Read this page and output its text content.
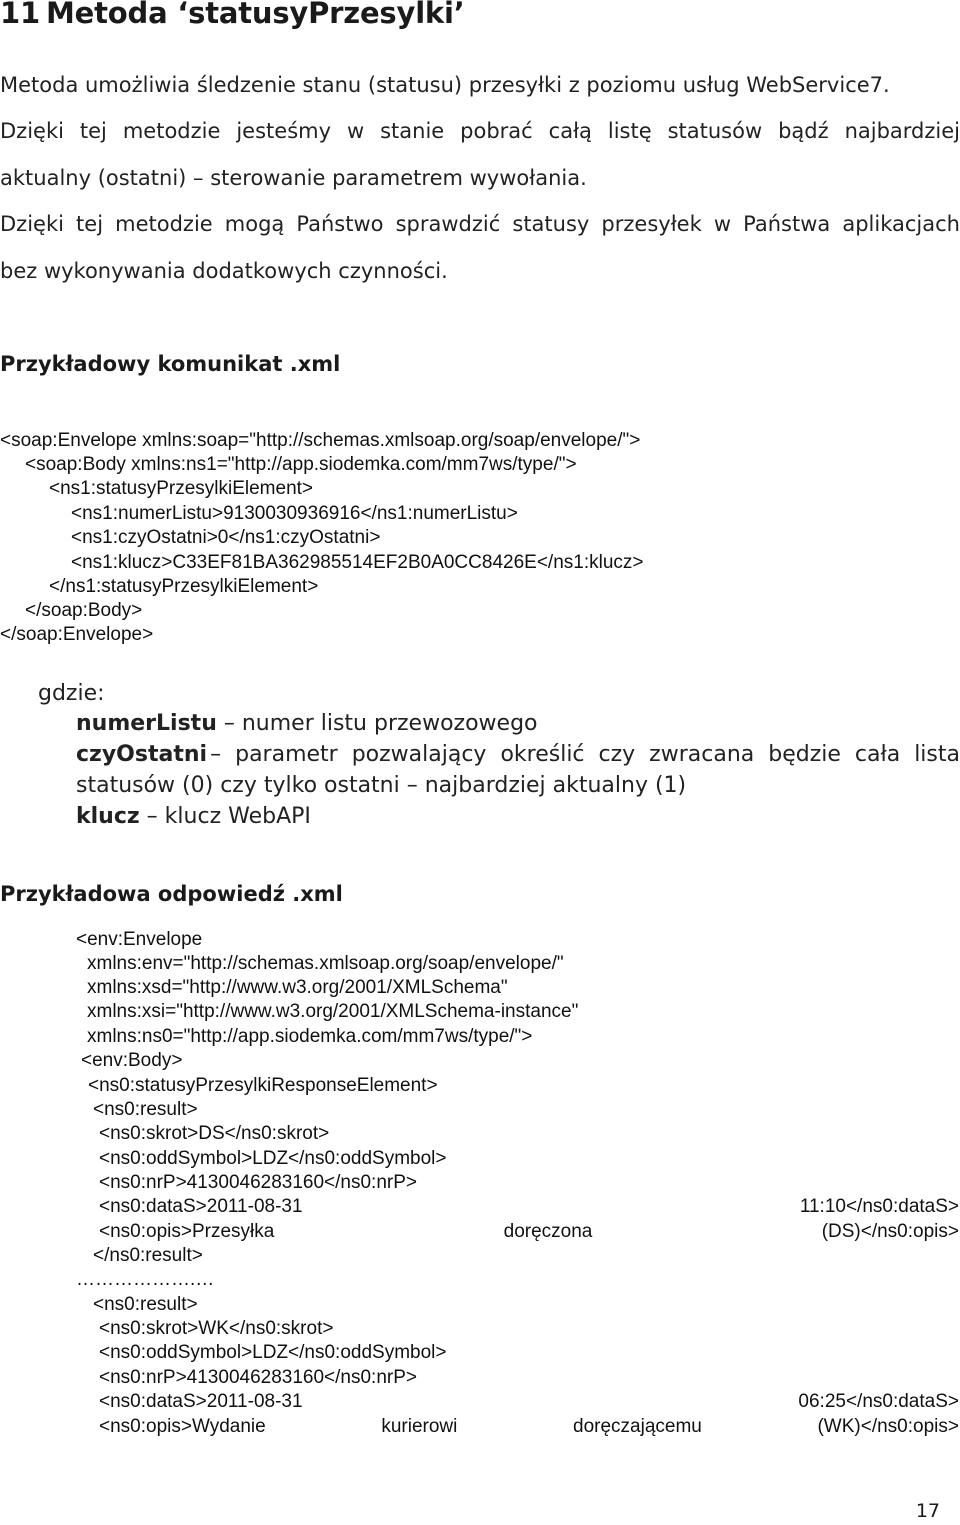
11 Metoda ‘statusyPrzesylki’
Metoda umożliwia śledzenie stanu (statusu) przesyłki z poziomu usług WebService7.
Dzięki tej metodzie jesteśmy w stanie pobrać całą listę statusów bądź najbardziej
aktualny (ostatni) – sterowanie parametrem wywołania.
Dzięki tej metodzie mogą Państwo sprawdzić statusy przesyłek w Państwa aplikacjach
bez wykonywania dodatkowych czynności.
Przykładowy komunikat .xml
<soap:Envelope xmlns:soap="http://schemas.xmlsoap.org/soap/envelope/">
<soap:Body xmlns:ns1="http://app.siodemka.com/mm7ws/type/">
<ns1:statusyPrzesylkiElement>
<ns1:numerListu>9130030936916</ns1:numerListu>
<ns1:czyOstatni>0</ns1:czyOstatni>
<ns1:klucz>C33EF81BA362985514EF2B0A0CC8426E</ns1:klucz>
</ns1:statusyPrzesylkiElement>
</soap:Body>
</soap:Envelope>
gdzie:
numerListu – numer listu przewozowego
czyOstatni – parametr pozwalający określić czy zwracana będzie cała lista
statusów (0) czy tylko ostatni – najbardziej aktualny (1)
klucz – klucz WebAPI
Przykładowa odpowiedź .xml
<env:Envelope
xmlns:env="http://schemas.xmlsoap.org/soap/envelope/"
xmlns:xsd="http://www.w3.org/2001/XMLSchema"
xmlns:xsi="http://www.w3.org/2001/XMLSchema-instance"
xmlns:ns0="http://app.siodemka.com/mm7ws/type/">
<env:Body>
<ns0:statusyPrzesylkiResponseElement>
<ns0:result>
<ns0:skrot>DS</ns0:skrot>
<ns0:oddSymbol>LDZ</ns0:oddSymbol>
<ns0:nrP>4130046283160</ns0:nrP>
<ns0:dataS>2011-08-31	11:10</ns0:dataS>
<ns0:opis>Przesyłka	doręczona	(DS)</ns0:opis>
</ns0:result>
……………….…
<ns0:result>
<ns0:skrot>WK</ns0:skrot>
<ns0:oddSymbol>LDZ</ns0:oddSymbol>
<ns0:nrP>4130046283160</ns0:nrP>
<ns0:dataS>2011-08-31	06:25</ns0:dataS>
<ns0:opis>Wydanie	kurierowi	doręczającemu	(WK)</ns0:opis>
17
